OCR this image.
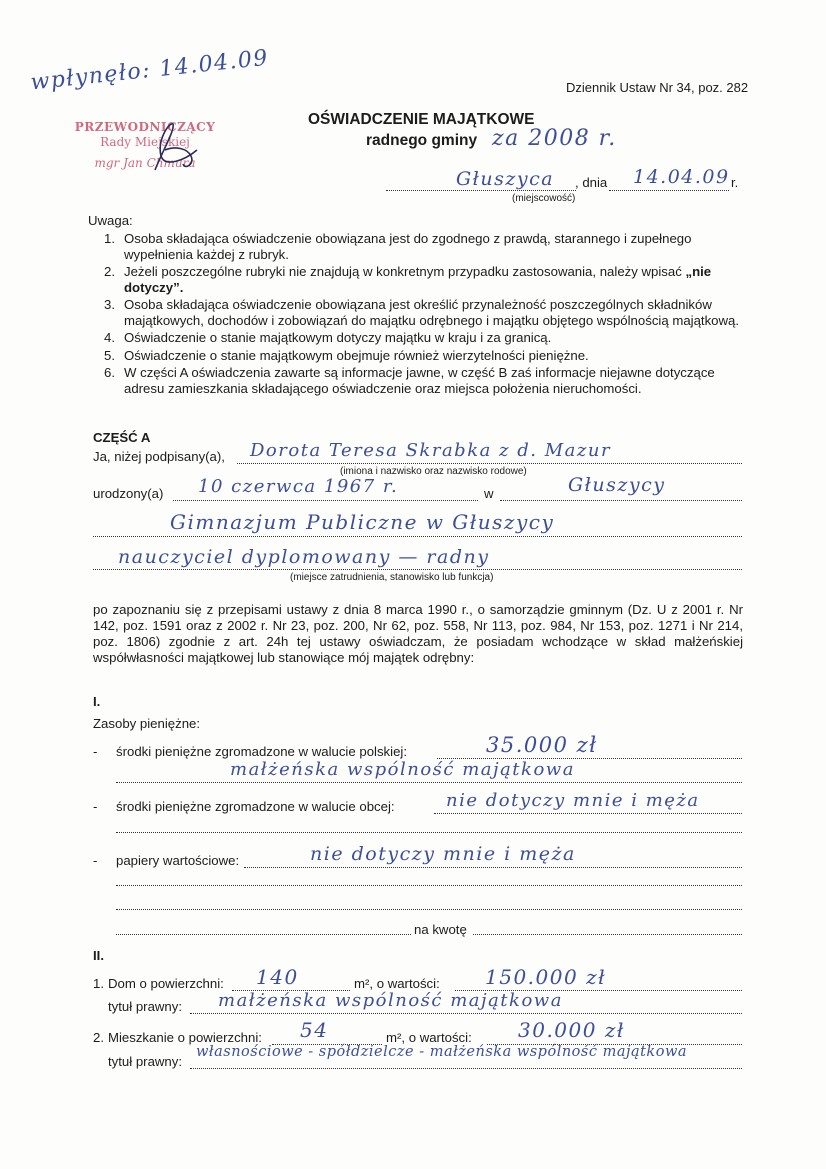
wpłynęło: 14.04.09	Dziennik Ustaw Nr 34, poz. 282
PRZEWODNICZĄCY
Rady Miejskiej
mgr Jan Chmura
OŚWIADCZENIE MAJĄTKOWE
radnego gminy za 2008 r.
Głuszyca , dnia 14.04.09 r.
(miejscowość)
Uwaga:
1. Osoba składająca oświadczenie obowiązana jest do zgodnego z prawdą, starannego i zupełnego wypełnienia każdej z rubryk.
2. Jeżeli poszczególne rubryki nie znajdują w konkretnym przypadku zastosowania, należy wpisać „nie dotyczy”.
3. Osoba składająca oświadczenie obowiązana jest określić przynależność poszczególnych składników majątkowych, dochodów i zobowiązań do majątku odrębnego i majątku objętego wspólnością majątkową.
4. Oświadczenie o stanie majątkowym dotyczy majątku w kraju i za granicą.
5. Oświadczenie o stanie majątkowym obejmuje również wierzytelności pieniężne.
6. W części A oświadczenia zawarte są informacje jawne, w część B zaś informacje niejawne dotyczące adresu zamieszkania składającego oświadczenie oraz miejsca położenia nieruchomości.
CZĘŚĆ A
Ja, niżej podpisany(a), Dorota Teresa Skrabka z d. Mazur
(imiona i nazwisko oraz nazwisko rodowe)
urodzony(a) 10 czerwca 1967 r.	w	Głuszycy
Gimnazjum Publiczne w Głuszycy
nauczyciel dyplomowany — radny
(miejsce zatrudnienia, stanowisko lub funkcja)
po zapoznaniu się z przepisami ustawy z dnia 8 marca 1990 r., o samorządzie gminnym (Dz. U z 2001 r. Nr 142, poz. 1591 oraz z 2002 r. Nr 23, poz. 200, Nr 62, poz. 558, Nr 113, poz. 984, Nr 153, poz. 1271 i Nr 214, poz. 1806) zgodnie z art. 24h tej ustawy oświadczam, że posiadam wchodzące w skład małżeńskiej współwłasności majątkowej lub stanowiące mój majątek odrębny:
I.
Zasoby pieniężne:
- środki pieniężne zgromadzone w walucie polskiej:	35.000 zł
małżeńska wspólność majątkowa
- środki pieniężne zgromadzone w walucie obcej:	nie dotyczy mnie i męża
- papiery wartościowe:	nie dotyczy mnie i męża
na kwotę
II.
1. Dom o powierzchni: 140	m², o wartości: 150.000 zł
tytuł prawny: małżeńska wspólność majątkowa
2. Mieszkanie o powierzchni: 54	m², o wartości: 30.000 zł
tytuł prawny:
własnościowe - spółdzielcze - małżeńska wspólność majątkowa
